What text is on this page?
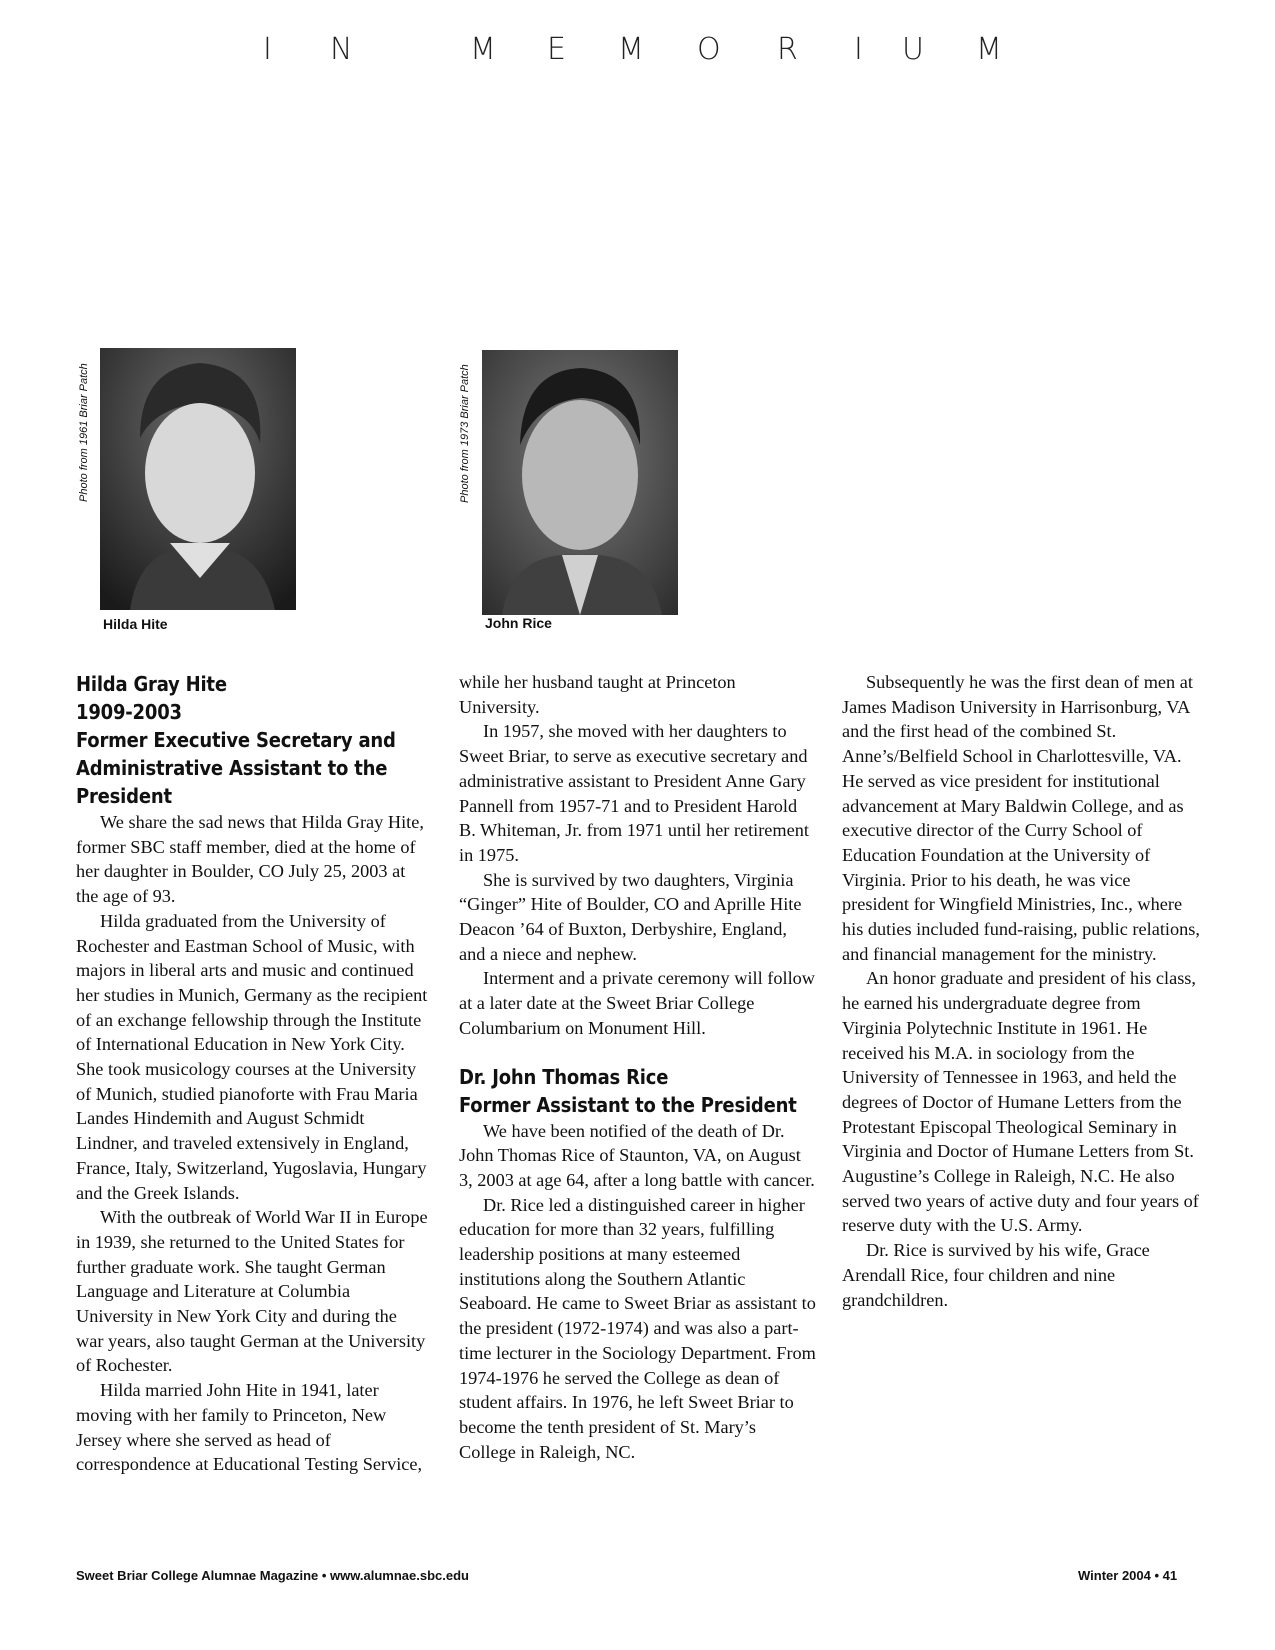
I N	M E M O R I U M
Photo from 1961 Briar Patch
Hilda Hite
Photo from 1973 Briar Patch
John Rice
Hilda Gray Hite
1909-2003
Former Executive Secretary and
Administrative Assistant to the
President

We share the sad news that Hilda Gray Hite, former SBC staff member, died at the home of her daughter in Boulder, CO July 25, 2003 at the age of 93.

Hilda graduated from the University of Rochester and Eastman School of Music, with majors in liberal arts and music and continued her studies in Munich, Germany as the recipient of an exchange fellowship through the Institute of International Education in New York City. She took musicology courses at the University of Munich, studied pianoforte with Frau Maria Landes Hindemith and August Schmidt Lindner, and traveled extensively in England, France, Italy, Switzerland, Yugoslavia, Hungary and the Greek Islands.

With the outbreak of World War II in Europe in 1939, she returned to the United States for further graduate work. She taught German Language and Literature at Columbia University in New York City and during the war years, also taught German at the University of Rochester.

Hilda married John Hite in 1941, later moving with her family to Princeton, New Jersey where she served as head of correspondence at Educational Testing Service,

while her husband taught at Princeton University.

In 1957, she moved with her daughters to Sweet Briar, to serve as executive secretary and administrative assistant to President Anne Gary Pannell from 1957-71 and to President Harold B. Whiteman, Jr. from 1971 until her retirement in 1975.

She is survived by two daughters, Virginia “Ginger” Hite of Boulder, CO and Aprille Hite Deacon ’64 of Buxton, Derbyshire, England, and a niece and nephew.

Interment and a private ceremony will follow at a later date at the Sweet Briar College Columbarium on Monument Hill.

Dr. John Thomas Rice
Former Assistant to the President

We have been notified of the death of Dr. John Thomas Rice of Staunton, VA, on August 3, 2003 at age 64, after a long battle with cancer.

Dr. Rice led a distinguished career in higher education for more than 32 years, fulfilling leadership positions at many esteemed institutions along the Southern Atlantic Seaboard. He came to Sweet Briar as assistant to the president (1972-1974) and was also a part-time lecturer in the Sociology Department. From 1974-1976 he served the College as dean of student affairs. In 1976, he left Sweet Briar to become the tenth president of St. Mary’s College in Raleigh, NC.

Subsequently he was the first dean of men at James Madison University in Harrisonburg, VA and the first head of the combined St. Anne’s/Belfield School in Charlottesville, VA. He served as vice president for institutional advancement at Mary Baldwin College, and as executive director of the Curry School of Education Foundation at the University of Virginia. Prior to his death, he was vice president for Wingfield Ministries, Inc., where his duties included fund-raising, public relations, and financial management for the ministry.

An honor graduate and president of his class, he earned his undergraduate degree from Virginia Polytechnic Institute in 1961. He received his M.A. in sociology from the University of Tennessee in 1963, and held the degrees of Doctor of Humane Letters from the Protestant Episcopal Theological Seminary in Virginia and Doctor of Humane Letters from St. Augustine’s College in Raleigh, N.C. He also served two years of active duty and four years of reserve duty with the U.S. Army.

Dr. Rice is survived by his wife, Grace Arendall Rice, four children and nine grandchildren.

Sweet Briar College Alumnae Magazine • www.alumnae.sbc.edu	Winter 2004 • 41
